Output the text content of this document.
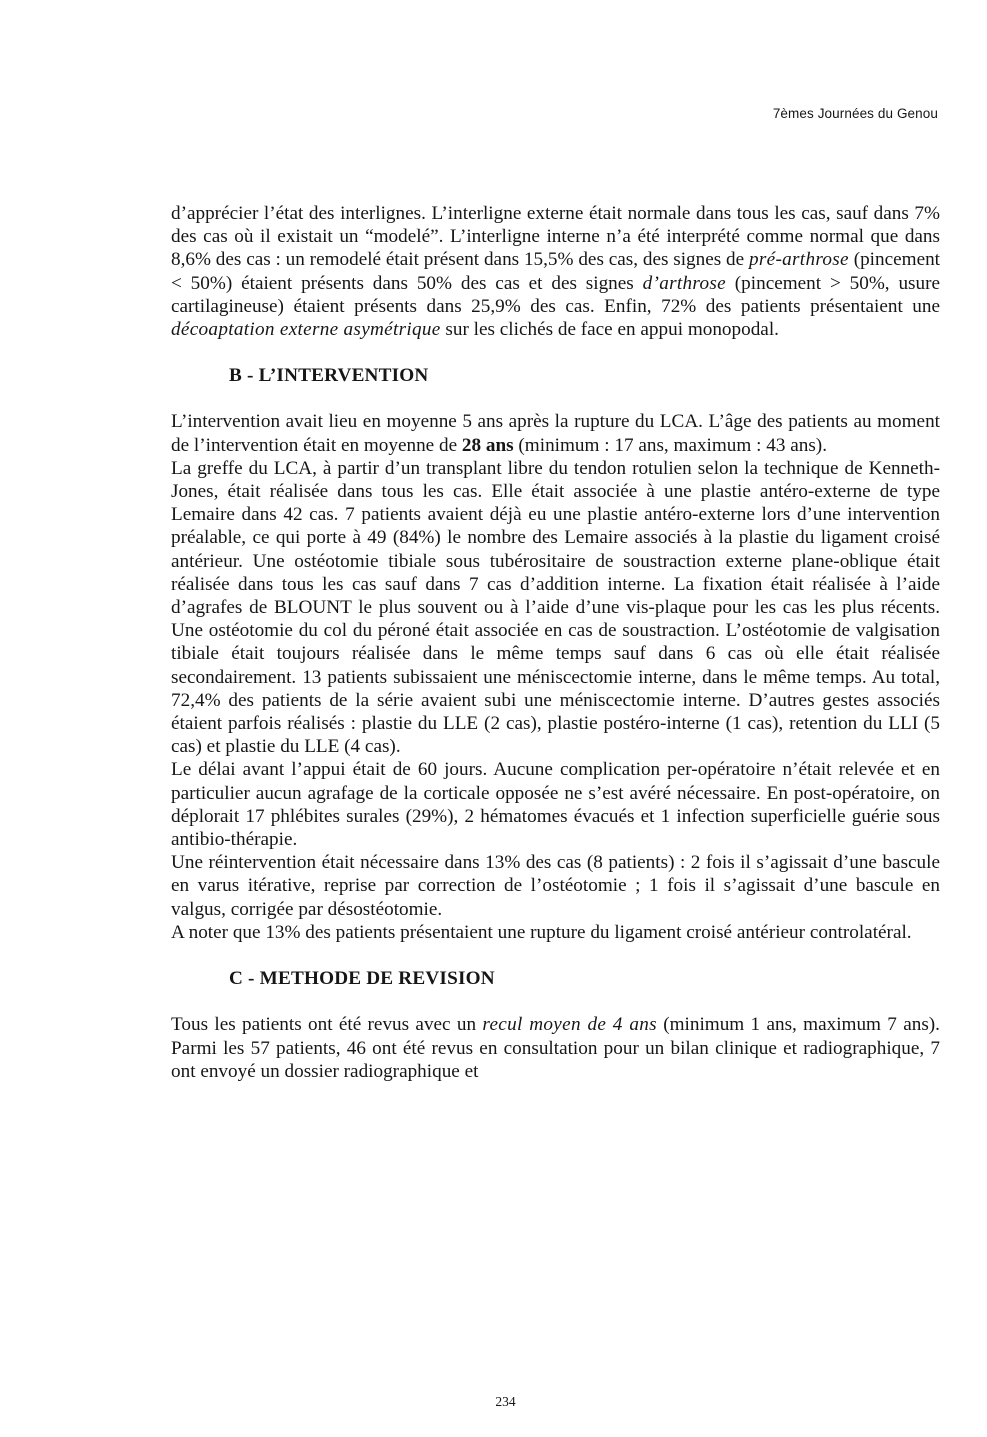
7èmes Journées du Genou

d’apprécier l’état des interlignes. L’interligne externe était normale dans tous les cas, sauf dans 7% des cas où il existait un “modelé”. L’interligne interne n’a été interprété comme normal que dans 8,6% des cas : un remodelé était présent dans 15,5% des cas, des signes de pré-arthrose (pincement < 50%) étaient présents dans 50% des cas et des signes d’arthrose (pincement > 50%, usure cartilagineuse) étaient présents dans 25,9% des cas. Enfin, 72% des patients présentaient une décoaptation externe asymétrique sur les clichés de face en appui monopodal.

B - L’INTERVENTION

L’intervention avait lieu en moyenne 5 ans après la rupture du LCA. L’âge des patients au moment de l’intervention était en moyenne de 28 ans (minimum : 17 ans, maximum : 43 ans).

La greffe du LCA, à partir d’un transplant libre du tendon rotulien selon la technique de Kenneth-Jones, était réalisée dans tous les cas. Elle était associée à une plastie antéro-externe de type Lemaire dans 42 cas. 7 patients avaient déjà eu une plastie antéro-externe lors d’une intervention préalable, ce qui porte à 49 (84%) le nombre des Lemaire associés à la plastie du ligament croisé antérieur. Une ostéotomie tibiale sous tubérositaire de soustraction externe plane-oblique était réalisée dans tous les cas sauf dans 7 cas d’addition interne. La fixation était réalisée à l’aide d’agrafes de BLOUNT le plus souvent ou à l’aide d’une vis-plaque pour les cas les plus récents. Une ostéotomie du col du péroné était associée en cas de soustraction. L’ostéotomie de valgisation tibiale était toujours réalisée dans le même temps sauf dans 6 cas où elle était réalisée secondairement. 13 patients subissaient une méniscectomie interne, dans le même temps. Au total, 72,4% des patients de la série avaient subi une méniscectomie interne. D’autres gestes associés étaient parfois réalisés : plastie du LLE (2 cas), plastie postéro-interne (1 cas), retention du LLI (5 cas) et plastie du LLE (4 cas).

Le délai avant l’appui était de 60 jours. Aucune complication per-opératoire n’était relevée et en particulier aucun agrafage de la corticale opposée ne s’est avéré nécessaire. En post-opératoire, on déplorait 17 phlébites surales (29%), 2 hématomes évacués et 1 infection superficielle guérie sous antibio-thérapie.

Une réintervention était nécessaire dans 13% des cas (8 patients) : 2 fois il s’agissait d’une bascule en varus itérative, reprise par correction de l’ostéotomie ; 1 fois il s’agissait d’une bascule en valgus, corrigée par désostéotomie.

A noter que 13% des patients présentaient une rupture du ligament croisé antérieur controlatéral.

C - METHODE DE REVISION

Tous les patients ont été revus avec un recul moyen de 4 ans (minimum 1 ans, maximum 7 ans). Parmi les 57 patients, 46 ont été revus en consultation pour un bilan clinique et radiographique, 7 ont envoyé un dossier radiographique et

234
